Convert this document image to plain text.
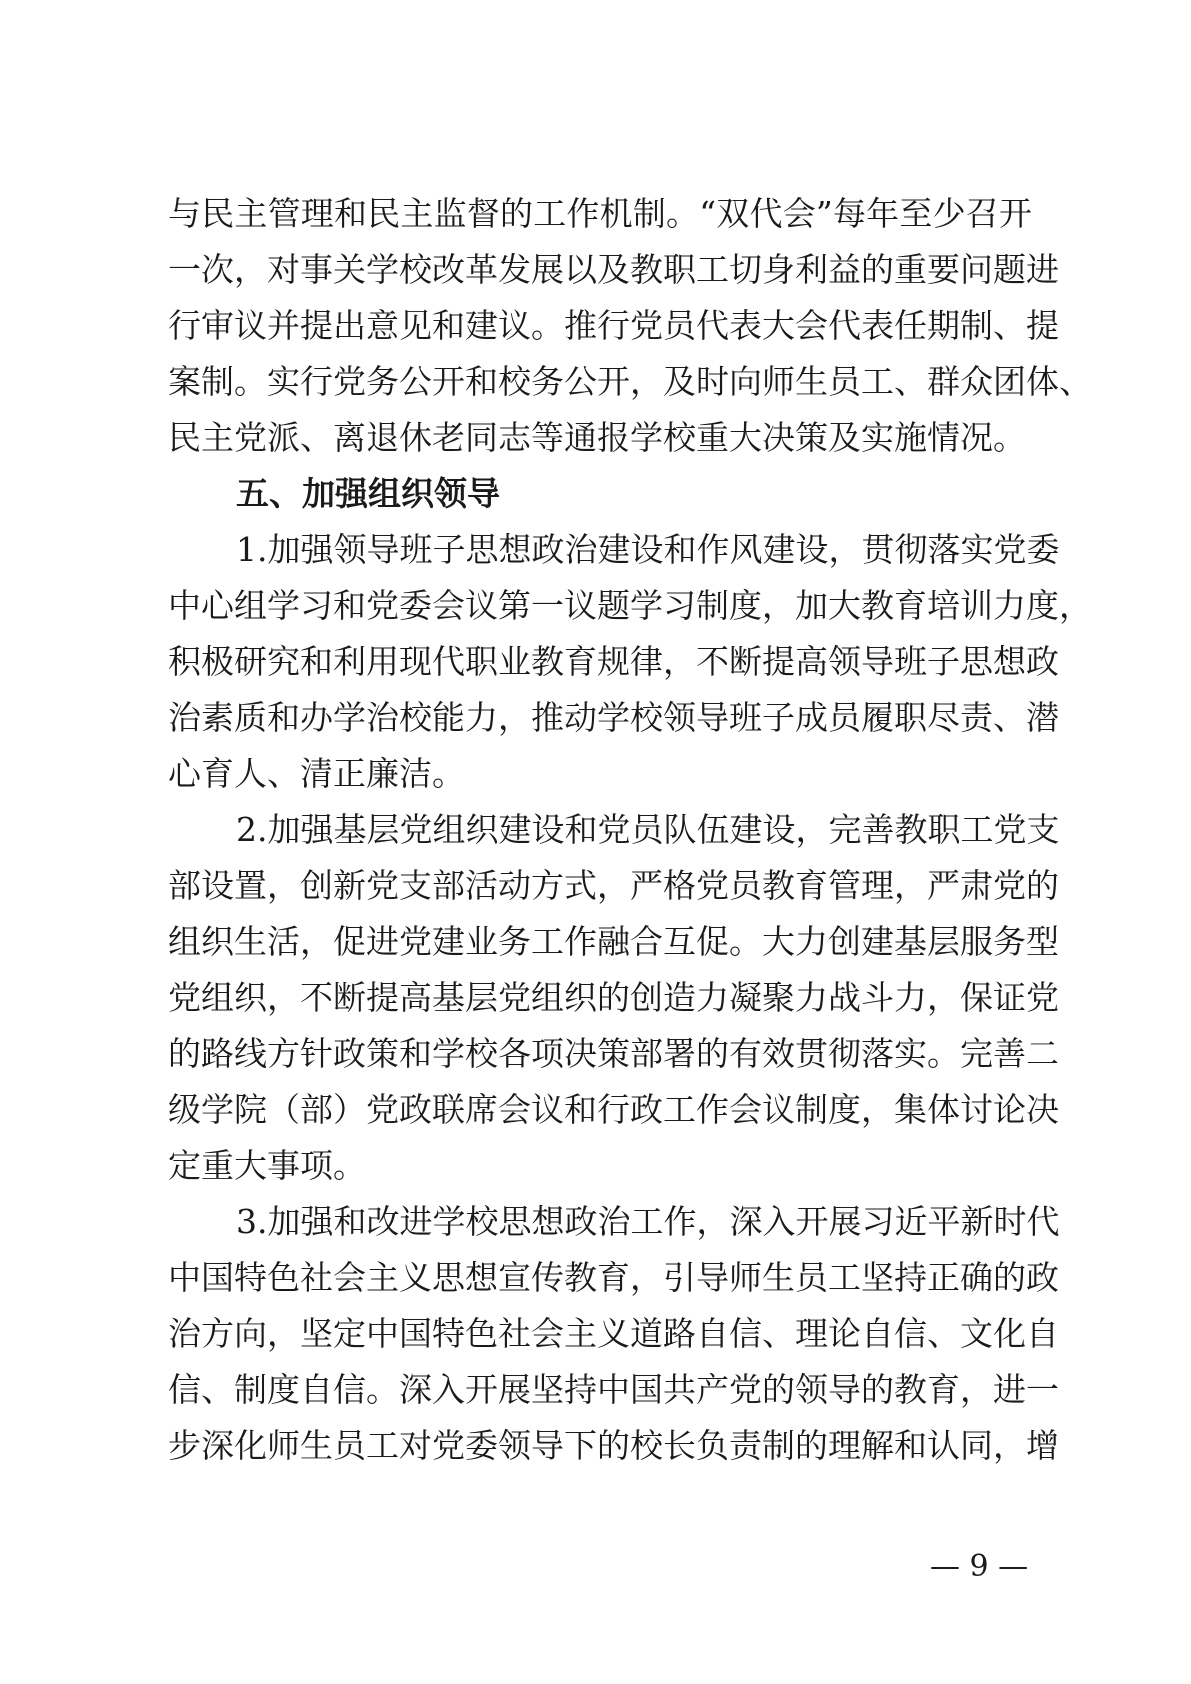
与民主管理和民主监督的工作机制。“双代会”每年至少召开
一次，对事关学校改革发展以及教职工切身利益的重要问题进
行审议并提出意见和建议。推行党员代表大会代表任期制、提
案制。实行党务公开和校务公开，及时向师生员工、群众团体、
民主党派、离退休老同志等通报学校重大决策及实施情况。
五、加强组织领导
1.加强领导班子思想政治建设和作风建设，贯彻落实党委
中心组学习和党委会议第一议题学习制度，加大教育培训力度，
积极研究和利用现代职业教育规律，不断提高领导班子思想政
治素质和办学治校能力，推动学校领导班子成员履职尽责、潜
心育人、清正廉洁。
2.加强基层党组织建设和党员队伍建设，完善教职工党支
部设置，创新党支部活动方式，严格党员教育管理，严肃党的
组织生活，促进党建业务工作融合互促。大力创建基层服务型
党组织，不断提高基层党组织的创造力凝聚力战斗力，保证党
的路线方针政策和学校各项决策部署的有效贯彻落实。完善二
级学院（部）党政联席会议和行政工作会议制度，集体讨论决
定重大事项。
3.加强和改进学校思想政治工作，深入开展习近平新时代
中国特色社会主义思想宣传教育，引导师生员工坚持正确的政
治方向，坚定中国特色社会主义道路自信、理论自信、文化自
信、制度自信。深入开展坚持中国共产党的领导的教育，进一
步深化师生员工对党委领导下的校长负责制的理解和认同，增
— 9 —
